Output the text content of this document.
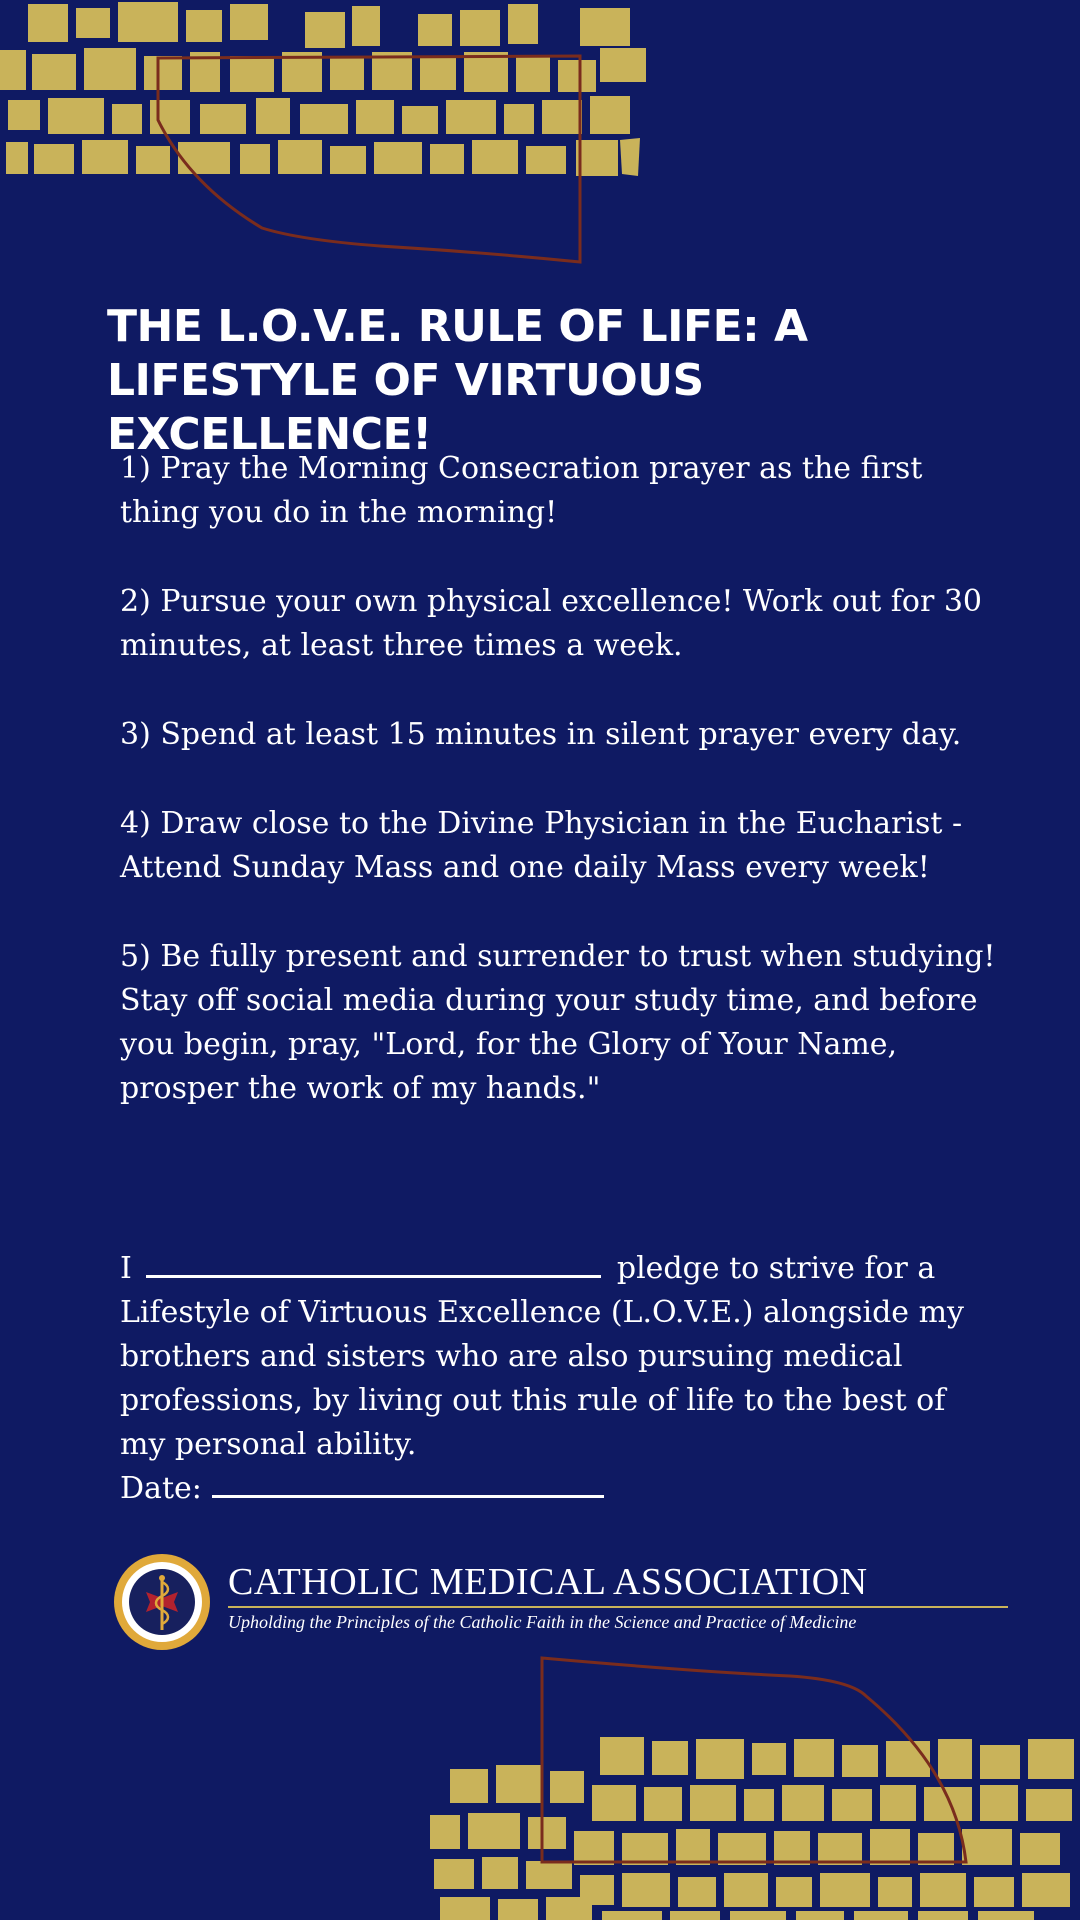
THE L.O.V.E. RULE OF LIFE: A
LIFESTYLE OF VIRTUOUS EXCELLENCE!
1) Pray the Morning Consecration prayer as the first thing you do in the morning!
2) Pursue your own physical excellence! Work out for 30 minutes, at least three times a week.
3) Spend at least 15 minutes in silent prayer every day.
4) Draw close to the Divine Physician in the Eucharist - Attend Sunday Mass and one daily Mass every week!
5) Be fully present and surrender to trust when studying! Stay off social media during your study time, and before you begin, pray, "Lord, for the Glory of Your Name, prosper the work of my hands."
I	pledge to strive for a Lifestyle of Virtuous Excellence (L.O.V.E.) alongside my brothers and sisters who are also pursuing medical professions, by living out this rule of life to the best of my personal ability.
Date:
CATHOLIC MEDICAL ASSOCIATION
Upholding the Principles of the Catholic Faith in the Science and Practice of Medicine
